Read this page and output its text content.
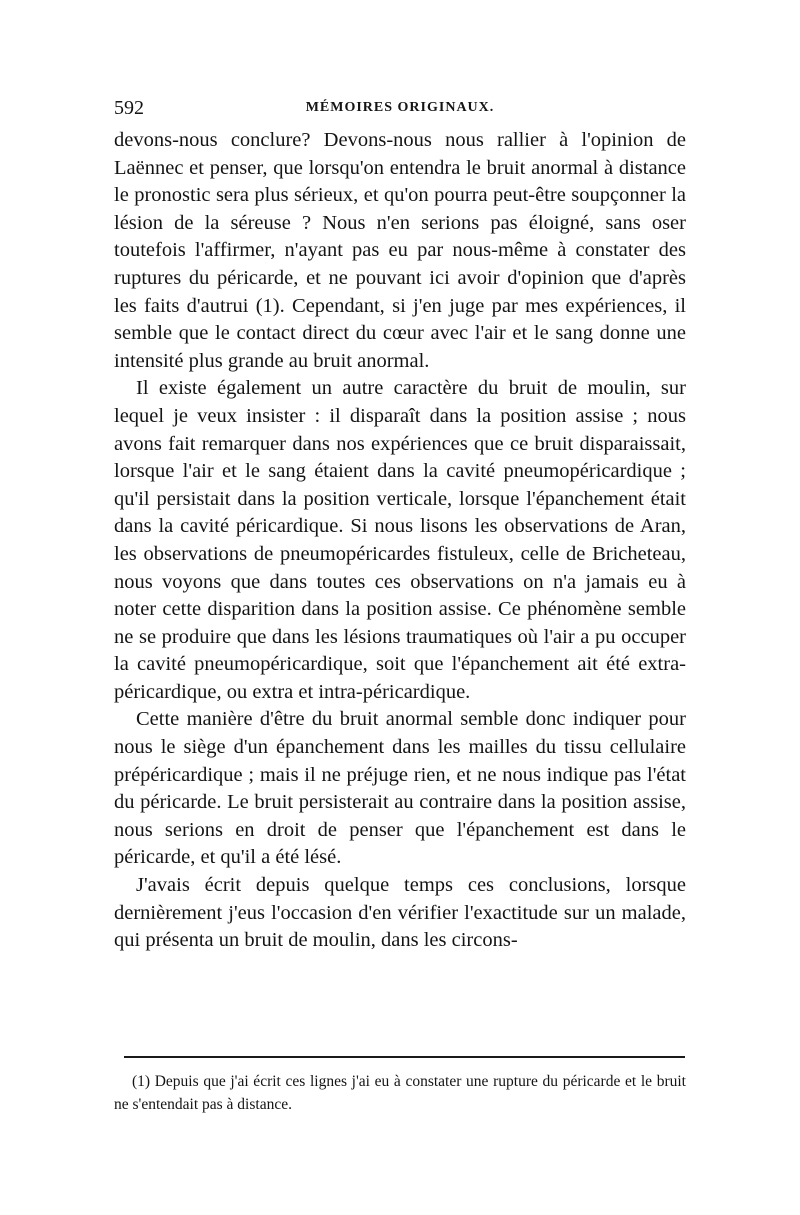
592	MÉMOIRES ORIGINAUX.

devons-nous conclure? Devons-nous nous rallier à l'opinion de Laënnec et penser, que lorsqu'on entendra le bruit anormal à distance le pronostic sera plus sérieux, et qu'on pourra peut-être soupçonner la lésion de la séreuse ? Nous n'en serions pas éloigné, sans oser toutefois l'affirmer, n'ayant pas eu par nous-même à constater des ruptures du péricarde, et ne pouvant ici avoir d'opinion que d'après les faits d'autrui (1). Cependant, si j'en juge par mes expériences, il semble que le contact direct du cœur avec l'air et le sang donne une intensité plus grande au bruit anormal.

Il existe également un autre caractère du bruit de moulin, sur lequel je veux insister : il disparaît dans la position assise ; nous avons fait remarquer dans nos expériences que ce bruit disparaissait, lorsque l'air et le sang étaient dans la cavité pneumopéricardique ; qu'il persistait dans la position verticale, lorsque l'épanchement était dans la cavité péricardique. Si nous lisons les observations de Aran, les observations de pneumopéricardes fistuleux, celle de Bricheteau, nous voyons que dans toutes ces observations on n'a jamais eu à noter cette disparition dans la position assise. Ce phénomène semble ne se produire que dans les lésions traumatiques où l'air a pu occuper la cavité pneumopéricardique, soit que l'épanchement ait été extra-péricardique, ou extra et intra-péricardique.

Cette manière d'être du bruit anormal semble donc indiquer pour nous le siège d'un épanchement dans les mailles du tissu cellulaire prépéricardique ; mais il ne préjuge rien, et ne nous indique pas l'état du péricarde. Le bruit persisterait au contraire dans la position assise, nous serions en droit de penser que l'épanchement est dans le péricarde, et qu'il a été lésé.

J'avais écrit depuis quelque temps ces conclusions, lorsque dernièrement j'eus l'occasion d'en vérifier l'exactitude sur un malade, qui présenta un bruit de moulin, dans les circons-

(1) Depuis que j'ai écrit ces lignes j'ai eu à constater une rupture du péricarde et le bruit ne s'entendait pas à distance.
